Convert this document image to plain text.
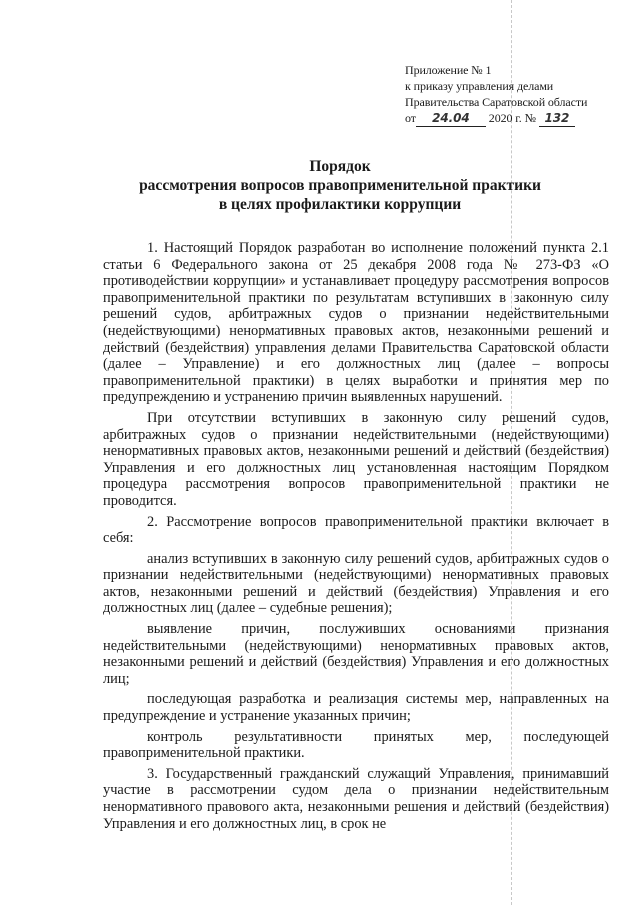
Приложение № 1
к приказу управления делами
Правительства Саратовской области
от 24.04 2020 г. № 132
Порядок
рассмотрения вопросов правоприменительной практики
в целях профилактики коррупции

1. Настоящий Порядок разработан во исполнение положений пункта 2.1 статьи 6 Федерального закона от 25 декабря 2008 года № 273-ФЗ «О противодействии коррупции» и устанавливает процедуру рассмотрения вопросов правоприменительной практики по результатам вступивших в законную силу решений судов, арбитражных судов о признании недействительными (недействующими) ненормативных правовых актов, незаконными решений и действий (бездействия) управления делами Правительства Саратовской области (далее – Управление) и его должностных лиц (далее – вопросы правоприменительной практики) в целях выработки и принятия мер по предупреждению и устранению причин выявленных нарушений.

При отсутствии вступивших в законную силу решений судов, арбитражных судов о признании недействительными (недействующими) ненормативных правовых актов, незаконными решений и действий (бездействия) Управления и его должностных лиц установленная настоящим Порядком процедура рассмотрения вопросов правоприменительной практики не проводится.

2. Рассмотрение вопросов правоприменительной практики включает в себя:

анализ вступивших в законную силу решений судов, арбитражных судов о признании недействительными (недействующими) ненормативных правовых актов, незаконными решений и действий (бездействия) Управления и его должностных лиц (далее – судебные решения);

выявление причин, послуживших основаниями признания недействительными (недействующими) ненормативных правовых актов, незаконными решений и действий (бездействия) Управления и его должностных лиц;

последующая разработка и реализация системы мер, направленных на предупреждение и устранение указанных причин;

контроль результативности принятых мер, последующей правоприменительной практики.

3. Государственный гражданский служащий Управления, принимавший участие в рассмотрении судом дела о признании недействительным ненормативного правового акта, незаконными решения и действий (бездействия) Управления и его должностных лиц, в срок не
